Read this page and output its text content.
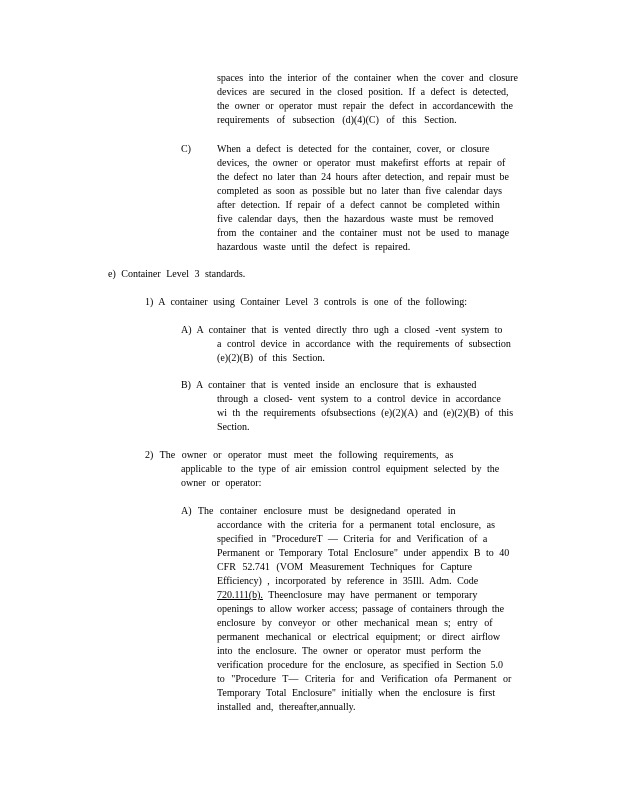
spaces into the interior of the container when the cover and closure
devices are secured in the closed position. If a defect is detected,
the owner or operator must repair the defect in accordancewith the
requirements of subsection (d)(4)(C) of this Section.
C)	When a defect is detected for the container, cover, or closure
devices, the owner or operator must makefirst efforts at repair of
the defect no later than 24 hours after detection, and repair must be
completed as soon as possible but no later than five calendar days
after detection. If repair of a defect cannot be completed within
five calendar days, then the hazardous waste must be removed
from the container and the container must not be used to manage
hazardous waste until the defect is repaired.
e) Container Level 3 standards.
1) A container using Container Level 3 controls is one of the following:
A) A container that is vented directly thro ugh a closed -vent system to
a control device in accordance with the requirements of subsection
(e)(2)(B) of this Section.
B) A container that is vented inside an enclosure that is exhausted
through a closed- vent system to a control device in accordance
wi th the requirements ofsubsections (e)(2)(A) and (e)(2)(B) of this
Section.
2) The owner or operator must meet the following requirements, as
applicable to the type of air emission control equipment selected by the
owner or operator:
A) The container enclosure must be designedand operated in
accordance with the criteria for a permanent total enclosure, as
specified in "ProcedureT — Criteria for and Verification of a
Permanent or Temporary Total Enclosure" under appendix B to 40
CFR 52.741 (VOM Measurement Techniques for Capture
Efficiency) , incorporated by reference in 35Ill. Adm. Code
720.111(b). Theenclosure may have permanent or temporary
openings to allow worker access; passage of containers through the
enclosure by conveyor or other mechanical mean s; entry of
permanent mechanical or electrical equipment; or direct airflow
into the enclosure. The owner or operator must perform the
verification procedure for the enclosure, as specified in Section 5.0
to "Procedure T— Criteria for and Verification ofa Permanent or
Temporary Total Enclosure" initially when the enclosure is first
installed and, thereafter,annually.
